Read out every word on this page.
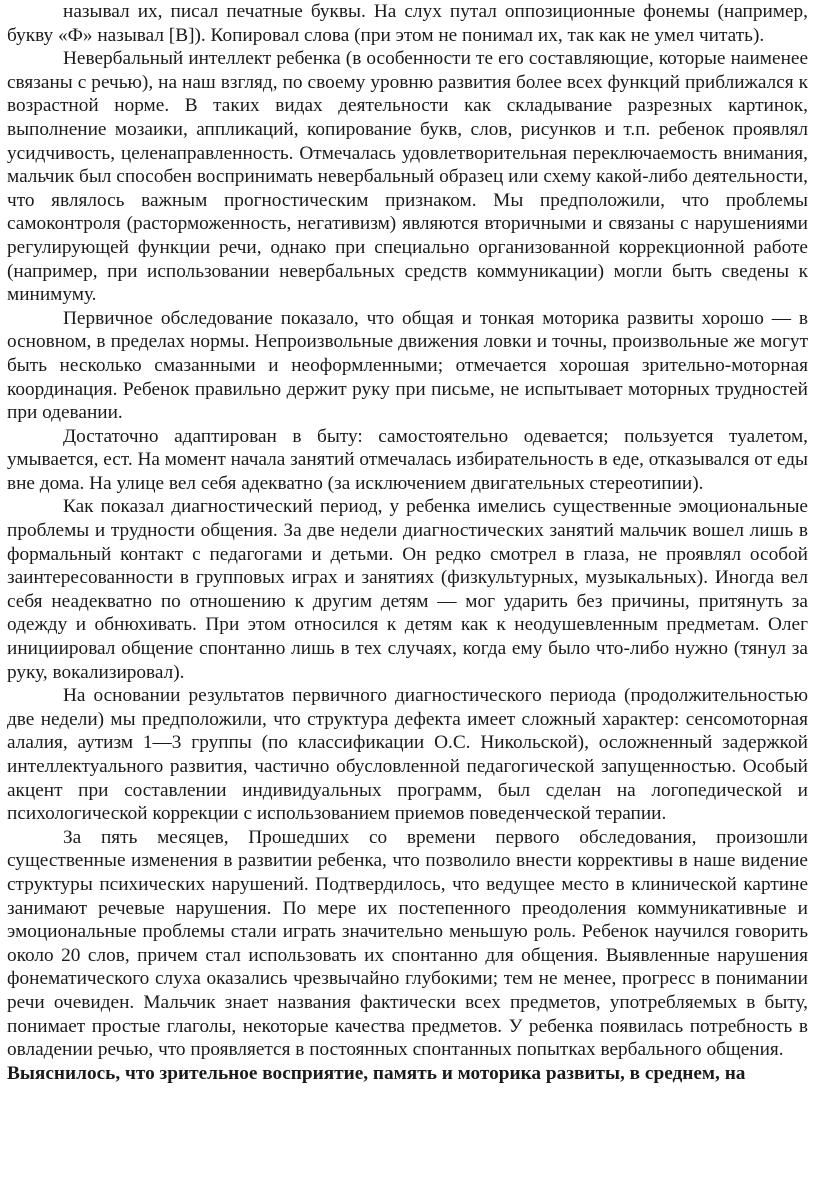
называл их, писал печатные буквы. На слух путал оппозиционные фонемы (например, букву «Ф» называл [В]). Копировал слова (при этом не понимал их, так как не умел читать).

Невербальный интеллект ребенка (в особенности те его составляющие, которые наименее связаны с речью), на наш взгляд, по своему уровню развития более всех функций приближался к возрастной норме. В таких видах деятельности как складывание разрезных картинок, выполнение мозаики, аппликаций, копирование букв, слов, рисунков и т.п. ребенок проявлял усидчивость, целенаправленность. Отмечалась удовлетворительная переключаемость внимания, мальчик был способен воспринимать невербальный образец или схему какой-либо деятельности, что являлось важным прогностическим признаком. Мы предположили, что проблемы самоконтроля (расторможенность, негативизм) являются вторичными и связаны с нарушениями регулирующей функции речи, однако при специально организованной коррекционной работе (например, при использовании невербальных средств коммуникации) могли быть сведены к минимуму.

Первичное обследование показало, что общая и тонкая моторика развиты хорошо — в основном, в пределах нормы. Непроизвольные движения ловки и точны, произвольные же могут быть несколько смазанными и неоформленными; отмечается хорошая зрительно-моторная координация. Ребенок правильно держит руку при письме, не испытывает моторных трудностей при одевании.

Достаточно адаптирован в быту: самостоятельно одевается; пользуется туалетом, умывается, ест. На момент начала занятий отмечалась избирательность в еде, отказывался от еды вне дома. На улице вел себя адекватно (за исключением двигательных стереотипии).

Как показал диагностический период, у ребенка имелись существенные эмоциональные проблемы и трудности общения. За две недели диагностических занятий мальчик вошел лишь в формальный контакт с педагогами и детьми. Он редко смотрел в глаза, не проявлял особой заинтересованности в групповых играх и занятиях (физкультурных, музыкальных). Иногда вел себя неадекватно по отношению к другим детям — мог ударить без причины, притянуть за одежду и обнюхивать. При этом относился к детям как к неодушевленным предметам. Олег инициировал общение спонтанно лишь в тех случаях, когда ему было что-либо нужно (тянул за руку, вокализировал).

На основании результатов первичного диагностического периода (продолжительностью две недели) мы предположили, что структура дефекта имеет сложный характер: сенсомоторная алалия, аутизм 1—3 группы (по классификации О.С. Никольской), осложненный задержкой интеллектуального развития, частично обусловленной педагогической запущенностью. Особый акцент при составлении индивидуальных программ, был сделан на логопедической и психологической коррекции с использованием приемов поведенческой терапии.

За пять месяцев, Прошедших со времени первого обследования, произошли существенные изменения в развитии ребенка, что позволило внести коррективы в наше видение структуры психических нарушений. Подтвердилось, что ведущее место в клинической картине занимают речевые нарушения. По мере их постепенного преодоления коммуникативные и эмоциональные проблемы стали играть значительно меньшую роль. Ребенок научился говорить около 20 слов, причем стал использовать их спонтанно для общения. Выявленные нарушения фонематического слуха оказались чрезвычайно глубокими; тем не менее, прогресс в понимании речи очевиден. Мальчик знает названия фактически всех предметов, употребляемых в быту, понимает простые глаголы, некоторые качества предметов. У ребенка появилась потребность в овладении речью, что проявляется в постоянных спонтанных попытках вербального общения.

Выяснилось, что зрительное восприятие, память и моторика развиты, в среднем, на
